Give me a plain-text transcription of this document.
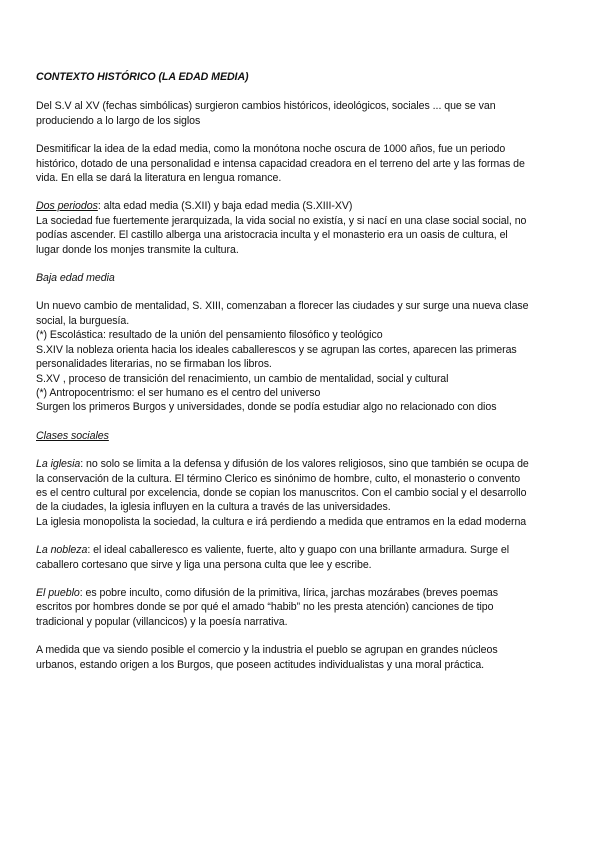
CONTEXTO HISTÓRICO (LA EDAD MEDIA)
Del S.V al XV (fechas simbólicas) surgieron cambios históricos, ideológicos, sociales ... que se van
produciendo a lo largo de los siglos
Desmitificar la idea de la edad media, como la monótona noche oscura de 1000 años, fue un periodo
histórico, dotado de una personalidad e intensa capacidad creadora en el terreno del arte y las formas de
vida. En ella se dará la literatura en lengua romance.
Dos periodos: alta edad media (S.XII) y baja edad media (S.XIII-XV)
La sociedad fue fuertemente jerarquizada, la vida social no existía, y si nací en una clase social social, no
podías ascender. El castillo alberga una aristocracia inculta y el monasterio era un oasis de cultura, el
lugar donde los monjes transmite la cultura.
Baja edad media
Un nuevo cambio de mentalidad, S. XIII, comenzaban a florecer las ciudades y sur surge una nueva clase
social, la burguesía.
(*) Escolástica: resultado de la unión del pensamiento filosófico y teológico
S.XIV la nobleza orienta hacia los ideales caballerescos y se agrupan las cortes, aparecen las primeras
personalidades literarias, no se firmaban los libros.
S.XV , proceso de transición del renacimiento, un cambio de mentalidad, social y cultural
(*) Antropocentrismo: el ser humano es el centro del universo
Surgen los primeros Burgos y universidades, donde se podía estudiar algo no relacionado con dios
Clases sociales
La iglesia: no solo se limita a la defensa y difusión de los valores religiosos, sino que también se ocupa de
la conservación de la cultura. El término Clerico es sinónimo de hombre, culto, el monasterio o convento
es el centro cultural por excelencia, donde se copian los manuscritos. Con el cambio social y el desarrollo
de la ciudades, la iglesia influyen en la cultura a través de las universidades.
La iglesia monopolista la sociedad, la cultura e irá perdiendo a medida que entramos en la edad moderna
La nobleza: el ideal caballeresco es valiente, fuerte, alto y guapo con una brillante armadura. Surge el
caballero cortesano que sirve y liga una persona culta que lee y escribe.
El pueblo: es pobre inculto, como difusión de la primitiva, lírica, jarchas mozárabes (breves poemas
escritos por hombres donde se por qué el amado “habib” no les presta atención) canciones de tipo
tradicional y popular (villancicos) y la poesía narrativa.
A medida que va siendo posible el comercio y la industria el pueblo se agrupan en grandes núcleos
urbanos, estando origen a los Burgos, que poseen actitudes individualistas y una moral práctica.
